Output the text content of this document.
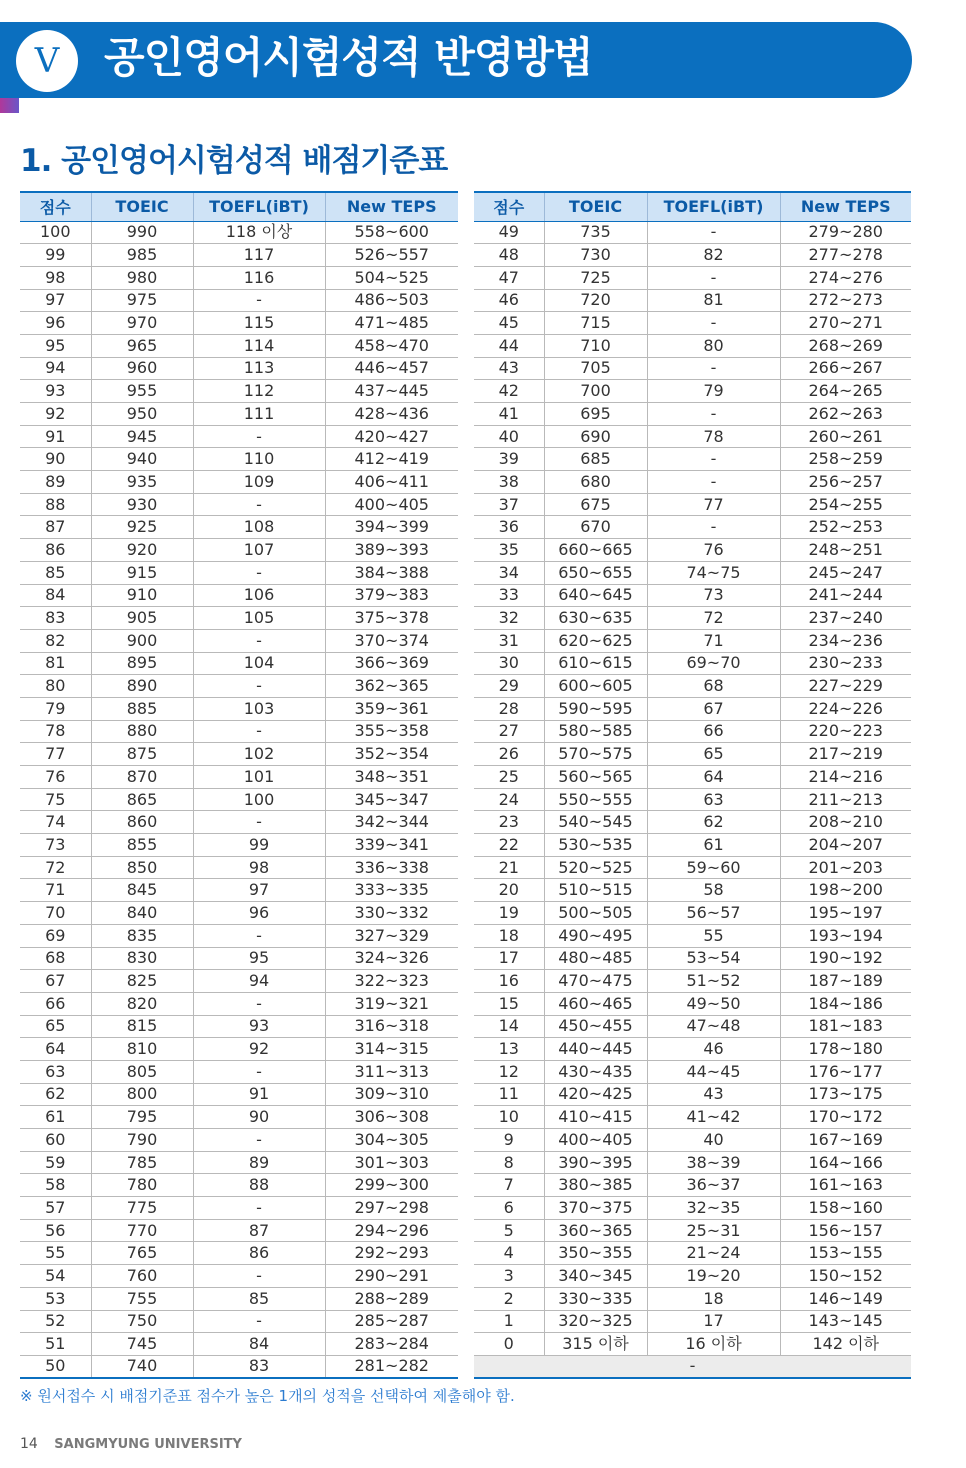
V	공인영어시험성적 반영방법
1. 공인영어시험성적 배점기준표
점수	TOEIC	TOEFL(iBT)	New TEPS
100	990	118 이상	558~600
99	985	117	526~557
98	980	116	504~525
97	975	-	486~503
96	970	115	471~485
95	965	114	458~470
94	960	113	446~457
93	955	112	437~445
92	950	111	428~436
91	945	-	420~427
90	940	110	412~419
89	935	109	406~411
88	930	-	400~405
87	925	108	394~399
86	920	107	389~393
85	915	-	384~388
84	910	106	379~383
83	905	105	375~378
82	900	-	370~374
81	895	104	366~369
80	890	-	362~365
79	885	103	359~361
78	880	-	355~358
77	875	102	352~354
76	870	101	348~351
75	865	100	345~347
74	860	-	342~344
73	855	99	339~341
72	850	98	336~338
71	845	97	333~335
70	840	96	330~332
69	835	-	327~329
68	830	95	324~326
67	825	94	322~323
66	820	-	319~321
65	815	93	316~318
64	810	92	314~315
63	805	-	311~313
62	800	91	309~310
61	795	90	306~308
60	790	-	304~305
59	785	89	301~303
58	780	88	299~300
57	775	-	297~298
56	770	87	294~296
55	765	86	292~293
54	760	-	290~291
53	755	85	288~289
52	750	-	285~287
51	745	84	283~284
50	740	83	281~282
점수	TOEIC	TOEFL(iBT)	New TEPS
49	735	-	279~280
48	730	82	277~278
47	725	-	274~276
46	720	81	272~273
45	715	-	270~271
44	710	80	268~269
43	705	-	266~267
42	700	79	264~265
41	695	-	262~263
40	690	78	260~261
39	685	-	258~259
38	680	-	256~257
37	675	77	254~255
36	670	-	252~253
35	660~665	76	248~251
34	650~655	74~75	245~247
33	640~645	73	241~244
32	630~635	72	237~240
31	620~625	71	234~236
30	610~615	69~70	230~233
29	600~605	68	227~229
28	590~595	67	224~226
27	580~585	66	220~223
26	570~575	65	217~219
25	560~565	64	214~216
24	550~555	63	211~213
23	540~545	62	208~210
22	530~535	61	204~207
21	520~525	59~60	201~203
20	510~515	58	198~200
19	500~505	56~57	195~197
18	490~495	55	193~194
17	480~485	53~54	190~192
16	470~475	51~52	187~189
15	460~465	49~50	184~186
14	450~455	47~48	181~183
13	440~445	46	178~180
12	430~435	44~45	176~177
11	420~425	43	173~175
10	410~415	41~42	170~172
9	400~405	40	167~169
8	390~395	38~39	164~166
7	380~385	36~37	161~163
6	370~375	32~35	158~160
5	360~365	25~31	156~157
4	350~355	21~24	153~155
3	340~345	19~20	150~152
2	330~335	18	146~149
1	320~325	17	143~145
0	315 이하	16 이하	142 이하
-			
※ 원서접수 시 배점기준표 점수가 높은 1개의 성적을 선택하여 제출해야 함.
14 SANGMYUNG UNIVERSITY
